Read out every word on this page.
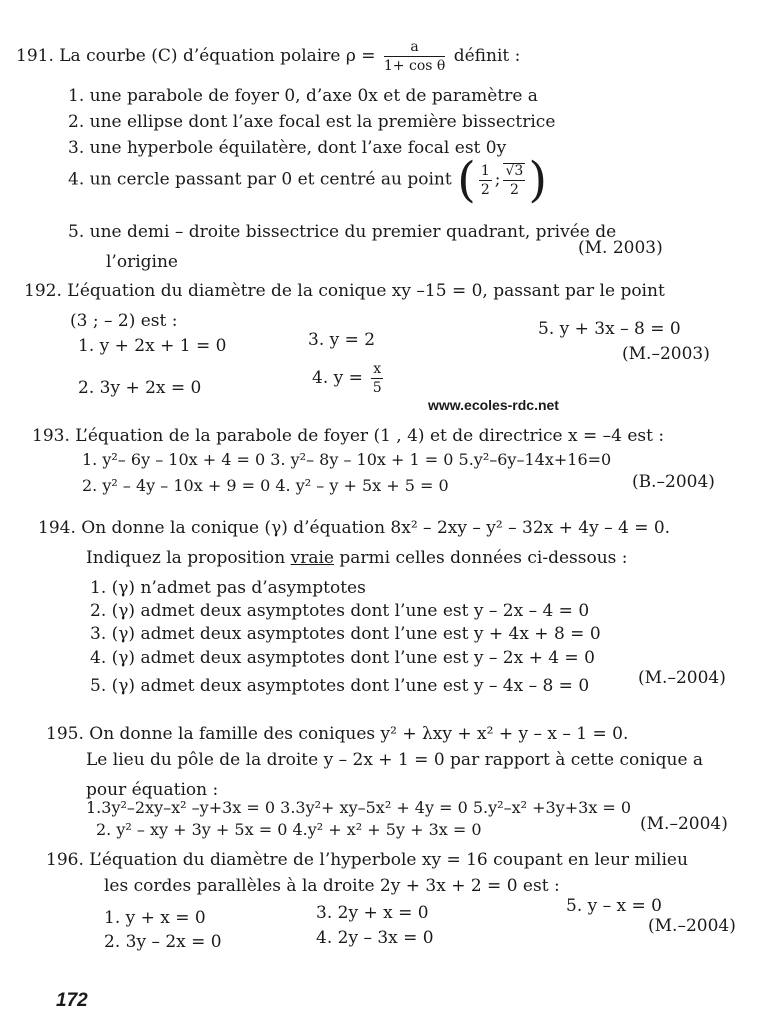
191. La courbe (C) d’équation polaire $\rho = \frac{a}{\text{1+ cos θ}}$ définit :
1. une parabole de foyer 0, d’axe 0x et de paramètre a
2. une ellipse dont l’axe focal est la première bissectrice
3. une hyperbole équilatère, dont l’axe focal est 0y
4. un cercle passant par 0 et centré au point ( $\frac{1}{2}$ ; $\frac{√3}{2}$ )
5. une demi – droite bissectrice du premier quadrant, privée de
(M. 2003)
l’origine
192. L’équation du diamètre de la conique xy –15 = 0, passant par le point
(3 ; – 2) est :
1. y + 2x + 1 = 0	3. y = 2
5. y + 3x – 8 = 0
(M.–2003)
2. 3y + 2x = 0	4. $y = \frac{x}{5}$
www.ecoles-rdc.net
193. L’équation de la parabole de foyer (1 , 4) et de directrice x = –4 est :
1. y²– 6y – 10x + 4 = 0 3. y²– 8y – 10x + 1 = 0 5.y²–6y–14x+16=0
2. y² – 4y – 10x + 9 = 0 4. y² – y + 5x + 5 = 0	(B.–2004)
194. On donne la conique (γ) d’équation 8x² – 2xy – y² – 32x + 4y – 4 = 0.
Indiquez la proposition vraie parmi celles données ci-dessous :
1. (γ) n’admet pas d’asymptotes
2. (γ) admet deux asymptotes dont l’une est y – 2x – 4 = 0
3. (γ) admet deux asymptotes dont l’une est y + 4x + 8 = 0
4. (γ) admet deux asymptotes dont l’une est y – 2x + 4 = 0
5. (γ) admet deux asymptotes dont l’une est y – 4x – 8 = 0	(M.–2004)
195. On donne la famille des coniques y² + λxy + x² + y – x – 1 = 0.
Le lieu du pôle de la droite y – 2x + 1 = 0 par rapport à cette conique a
pour équation :
1.3y²–2xy–x² –y+3x = 0 3.3y²+ xy–5x² + 4y = 0 5.y²–x² +3y+3x = 0
2. y² – xy + 3y + 5x = 0 4.y² + x² + 5y + 3x = 0	(M.–2004)
196. L’équation du diamètre de l’hyperbole xy = 16 coupant en leur milieu
les cordes parallèles à la droite 2y + 3x + 2 = 0 est :
1. y + x = 0	3. 2y + x = 0	5. y – x = 0
(M.–2004)
2. 3y – 2x = 0	4. 2y – 3x = 0
172
